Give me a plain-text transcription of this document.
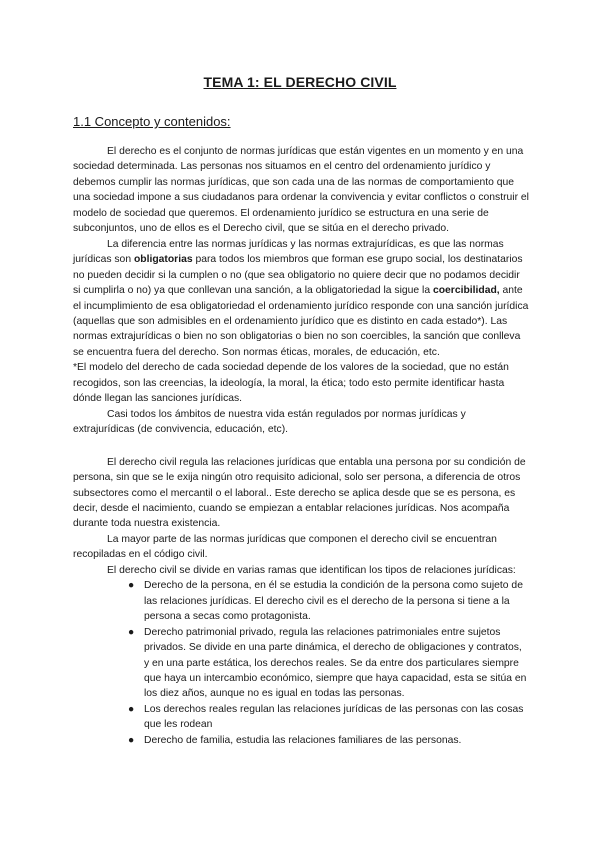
TEMA 1: EL DERECHO CIVIL
1.1 Concepto y contenidos:

El derecho es el conjunto de normas jurídicas que están vigentes en un momento y en una sociedad determinada. Las personas nos situamos en el centro del ordenamiento jurídico y debemos cumplir las normas jurídicas, que son cada una de las normas de comportamiento que una sociedad impone a sus ciudadanos para ordenar la convivencia y evitar conflictos o construir el modelo de sociedad que queremos. El ordenamiento jurídico se estructura en una serie de subconjuntos, uno de ellos es el Derecho civil, que se sitúa en el derecho privado.

La diferencia entre las normas jurídicas y las normas extrajurídicas, es que las normas jurídicas son obligatorias para todos los miembros que forman ese grupo social, los destinatarios no pueden decidir si la cumplen o no (que sea obligatorio no quiere decir que no podamos decidir si cumplirla o no) ya que conllevan una sanción, a la obligatoriedad la sigue la coercibilidad, ante el incumplimiento de esa obligatoriedad el ordenamiento jurídico responde con una sanción jurídica (aquellas que son admisibles en el ordenamiento jurídico que es distinto en cada estado*). Las normas extrajurídicas o bien no son obligatorias o bien no son coercibles, la sanción que conlleva se encuentra fuera del derecho. Son normas éticas, morales, de educación, etc.

*El modelo del derecho de cada sociedad depende de los valores de la sociedad, que no están recogidos, son las creencias, la ideología, la moral, la ética; todo esto permite identificar hasta dónde llegan las sanciones jurídicas.

Casi todos los ámbitos de nuestra vida están regulados por normas jurídicas y extrajurídicas (de convivencia, educación, etc).

El derecho civil regula las relaciones jurídicas que entabla una persona por su condición de persona, sin que se le exija ningún otro requisito adicional, solo ser persona, a diferencia de otros subsectores como el mercantil o el laboral.. Este derecho se aplica desde que se es persona, es decir, desde el nacimiento, cuando se empiezan a entablar relaciones jurídicas. Nos acompaña durante toda nuestra existencia.

La mayor parte de las normas jurídicas que componen el derecho civil se encuentran recopiladas en el código civil.

El derecho civil se divide en varias ramas que identifican los tipos de relaciones jurídicas:

● Derecho de la persona, en él se estudia la condición de la persona como sujeto de las relaciones jurídicas. El derecho civil es el derecho de la persona si tiene a la persona a secas como protagonista.
● Derecho patrimonial privado, regula las relaciones patrimoniales entre sujetos privados. Se divide en una parte dinámica, el derecho de obligaciones y contratos, y en una parte estática, los derechos reales. Se da entre dos particulares siempre que haya un intercambio económico, siempre que haya capacidad, esta se sitúa en los diez años, aunque no es igual en todas las personas.
● Los derechos reales regulan las relaciones jurídicas de las personas con las cosas que les rodean
● Derecho de familia, estudia las relaciones familiares de las personas.
